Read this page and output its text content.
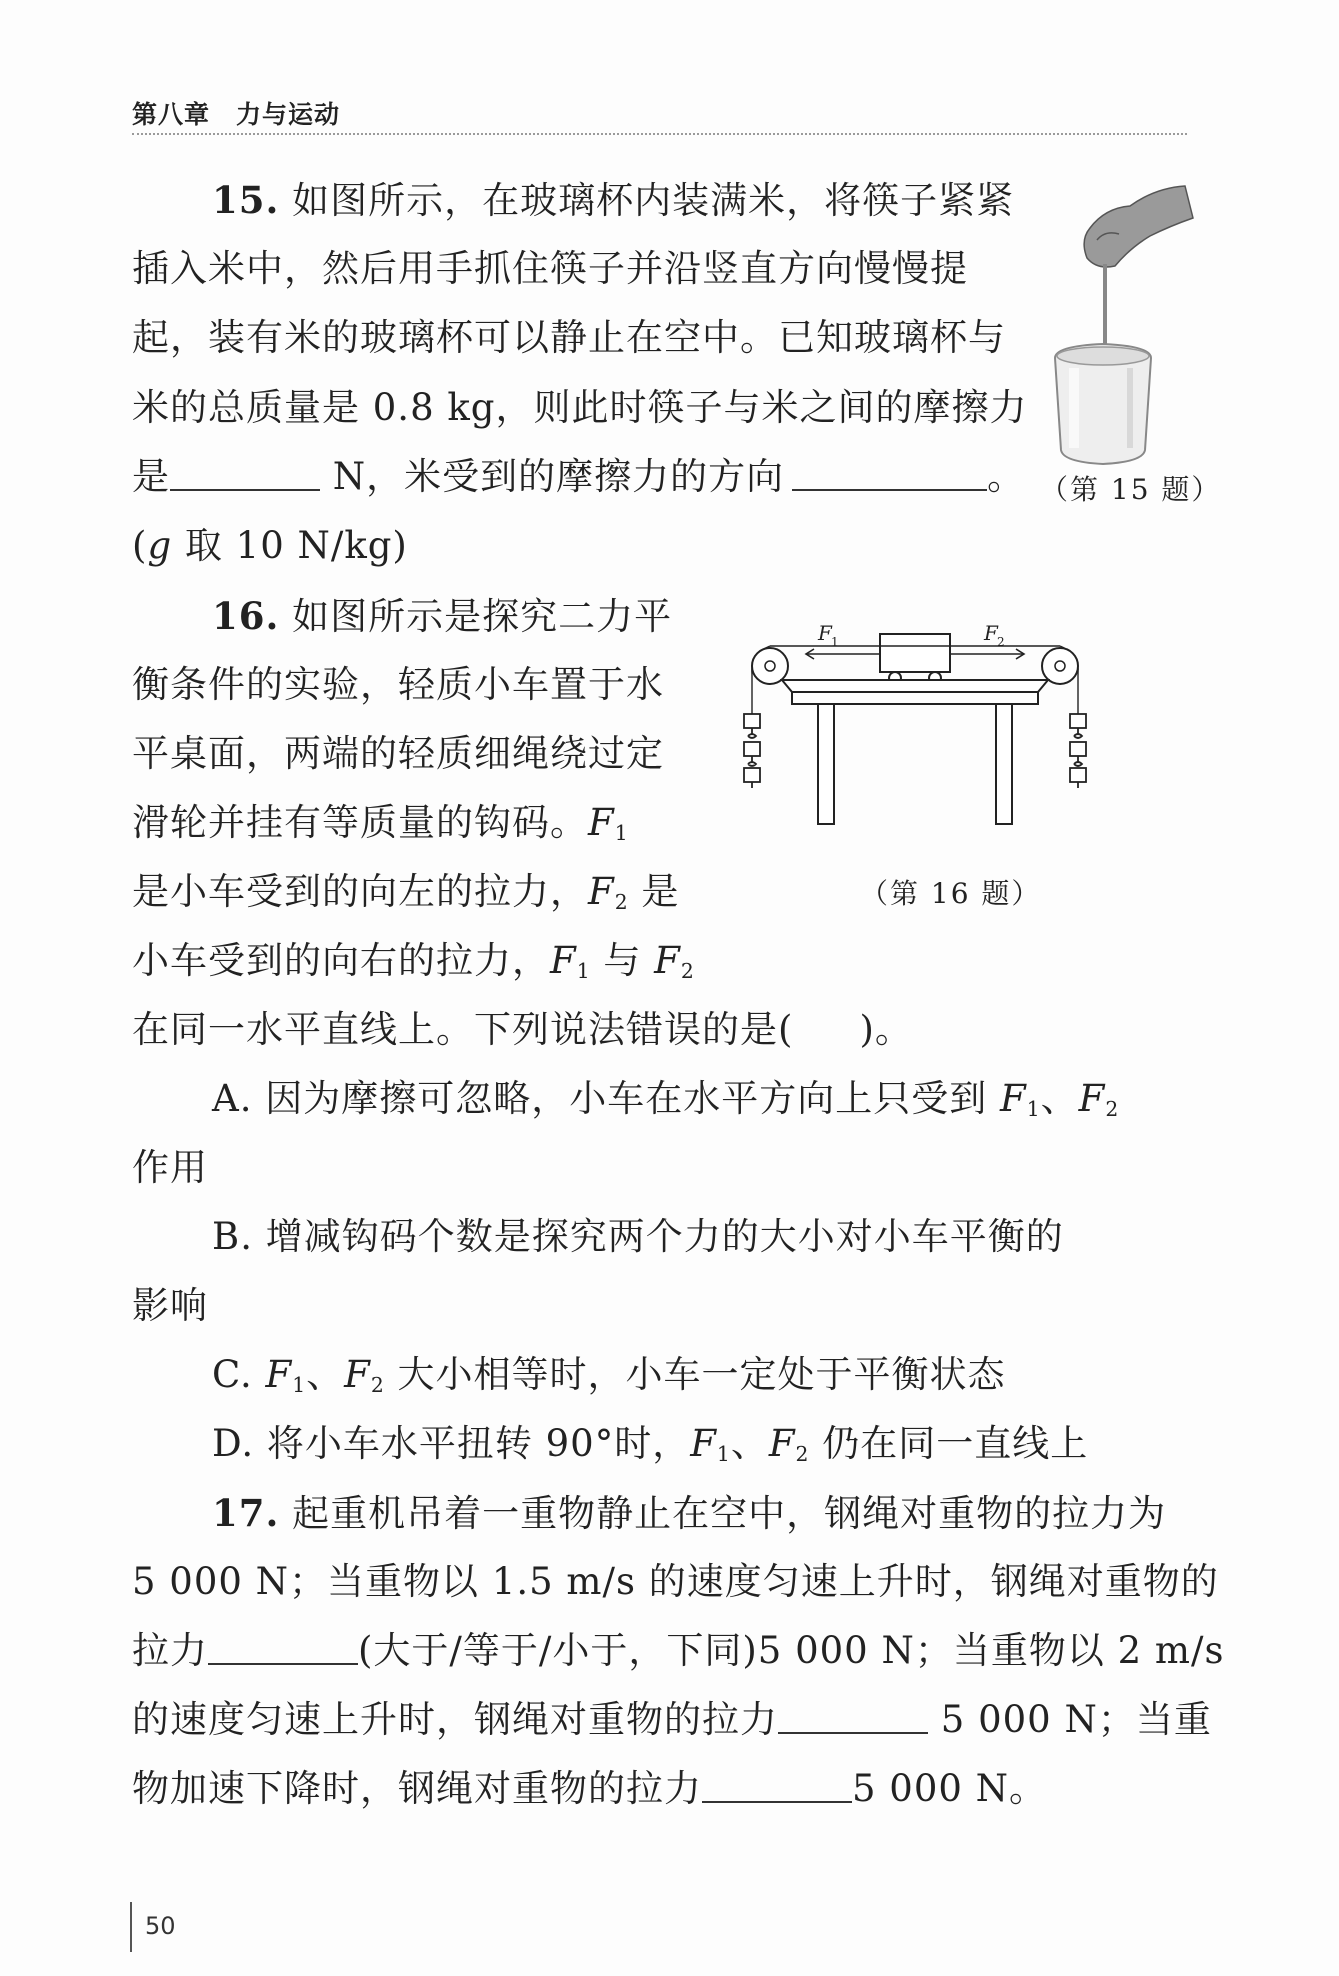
第八章　力与运动
15. 如图所示，在玻璃杯内装满米，将筷子紧紧
插入米中，然后用手抓住筷子并沿竖直方向慢慢提
起，装有米的玻璃杯可以静止在空中。已知玻璃杯与
米的总质量是 0.8 kg，则此时筷子与米之间的摩擦力
是	N，米受到的摩擦力的方向	。
(g 取 10 N/kg)
（第 15 题）
16. 如图所示是探究二力平
衡条件的实验，轻质小车置于水
平桌面，两端的轻质细绳绕过定
滑轮并挂有等质量的钩码。$F_1$
是小车受到的向左的拉力，$F_2$ 是
小车受到的向右的拉力，$F_1$ 与 $F_2$
在同一水平直线上。下列说法错误的是( )。
F 1	F 2
（第 16 题）
A. 因为摩擦可忽略，小车在水平方向上只受到 $F_1$、$F_2$
作用
B. 增减钩码个数是探究两个力的大小对小车平衡的
影响
C. $F_1$、$F_2$ 大小相等时，小车一定处于平衡状态
D. 将小车水平扭转 90°时，$F_1$、$F_2$ 仍在同一直线上
17. 起重机吊着一重物静止在空中，钢绳对重物的拉力为
5 000 N；当重物以 1.5 m/s 的速度匀速上升时，钢绳对重物的
拉力	(大于/等于/小于，下同)5 000 N；当重物以 2 m/s
的速度匀速上升时，钢绳对重物的拉力	5 000 N；当重
物加速下降时，钢绳对重物的拉力	5 000 N。
50
